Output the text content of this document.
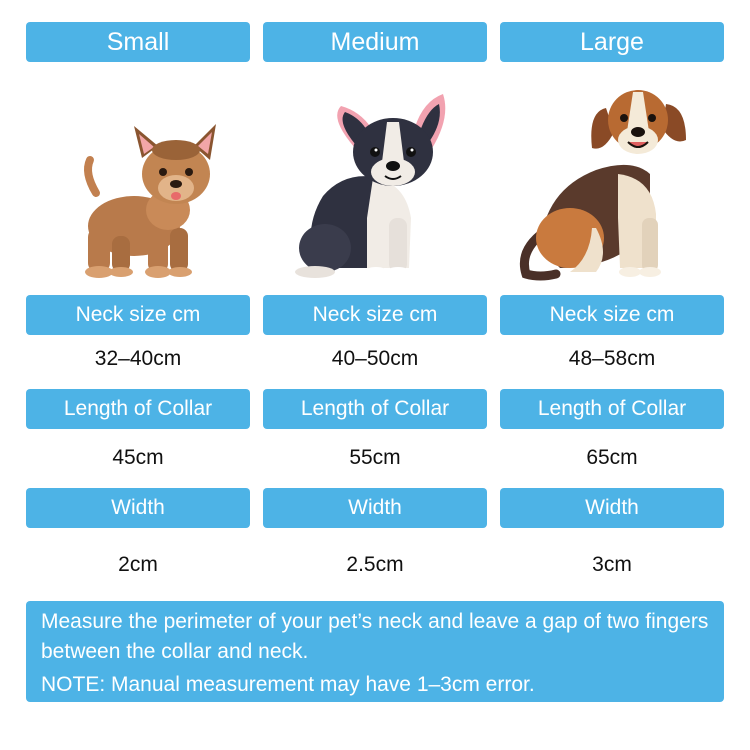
Small
Neck size cm
32–40cm
Length of Collar
45cm
Width
2cm
Medium
Neck size cm
40–50cm
Length of Collar
55cm
Width
2.5cm
Large
Neck size cm
48–58cm
Length of Collar
65cm
Width
3cm

Measure the perimeter of your pet’s neck and leave a gap of two fingers between the collar and neck.

NOTE: Manual measurement may have 1–3cm error.
